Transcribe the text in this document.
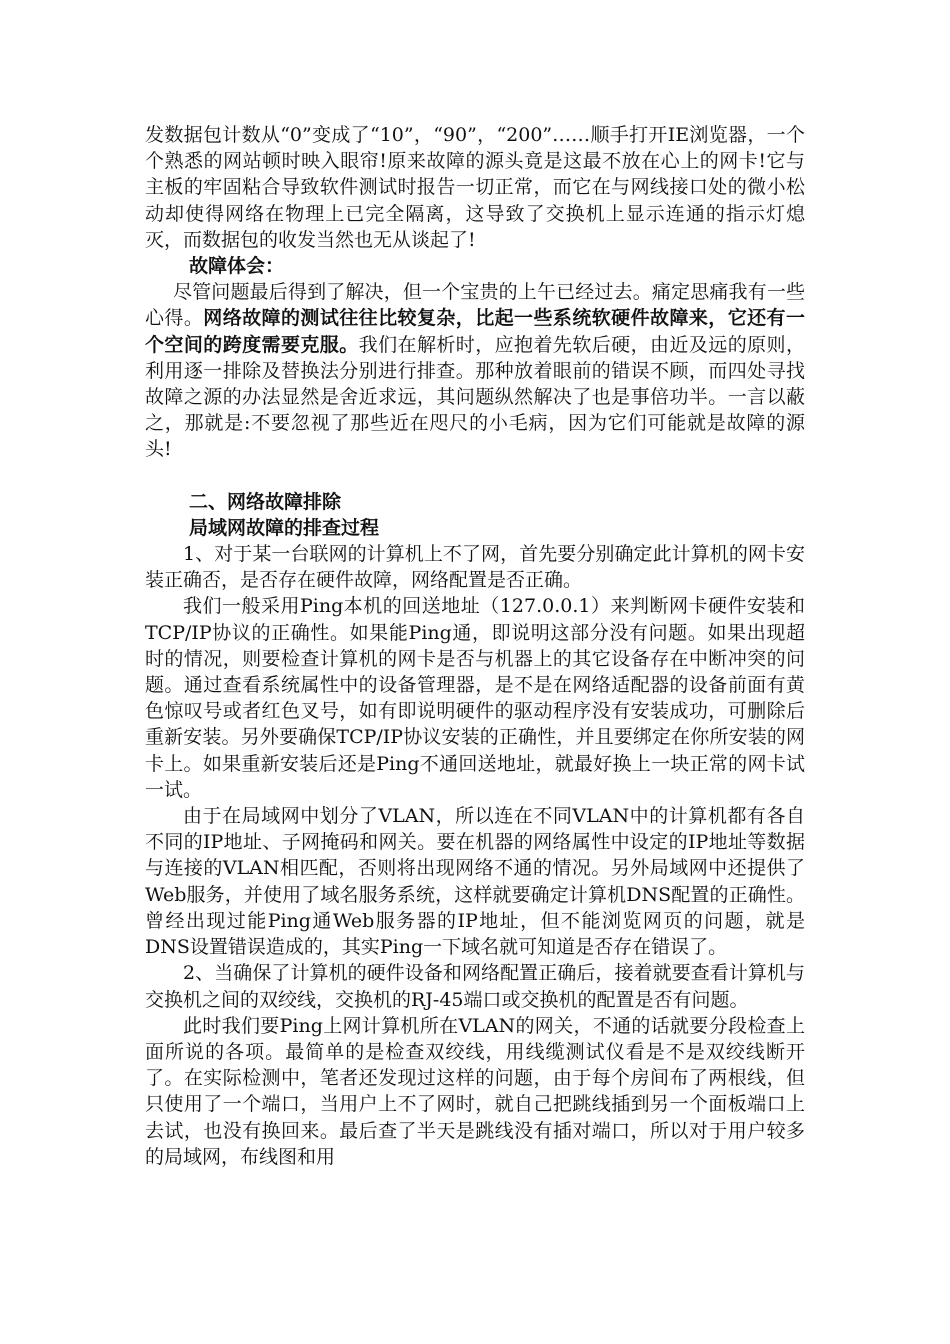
发数据包计数从“0”变成了“10”，“90”，“200”……顺手打开IE浏览器，一个个熟悉的网站顿时映入眼帘!原来故障的源头竟是这最不放在心上的网卡!它与主板的牢固粘合导致软件测试时报告一切正常，而它在与网线接口处的微小松动却使得网络在物理上已完全隔离，这导致了交换机上显示连通的指示灯熄灭，而数据包的收发当然也无从谈起了!

故障体会：

尽管问题最后得到了解决，但一个宝贵的上午已经过去。痛定思痛我有一些心得。网络故障的测试往往比较复杂，比起一些系统软硬件故障来，它还有一个空间的跨度需要克服。我们在解析时，应抱着先软后硬，由近及远的原则，利用逐一排除及替换法分别进行排查。那种放着眼前的错误不顾，而四处寻找故障之源的办法显然是舍近求远，其问题纵然解决了也是事倍功半。一言以蔽之，那就是:不要忽视了那些近在咫尺的小毛病，因为它们可能就是故障的源头!

二、网络故障排除

局域网故障的排查过程

1、对于某一台联网的计算机上不了网，首先要分别确定此计算机的网卡安装正确否，是否存在硬件故障，网络配置是否正确。

我们一般采用Ping本机的回送地址（127.0.0.1）来判断网卡硬件安装和TCP/IP协议的正确性。如果能Ping通，即说明这部分没有问题。如果出现超时的情况，则要检查计算机的网卡是否与机器上的其它设备存在中断冲突的问题。通过查看系统属性中的设备管理器，是不是在网络适配器的设备前面有黄色惊叹号或者红色叉号，如有即说明硬件的驱动程序没有安装成功，可删除后重新安装。另外要确保TCP/IP协议安装的正确性，并且要绑定在你所安装的网卡上。如果重新安装后还是Ping不通回送地址，就最好换上一块正常的网卡试一试。

由于在局域网中划分了VLAN，所以连在不同VLAN中的计算机都有各自不同的IP地址、子网掩码和网关。要在机器的网络属性中设定的IP地址等数据与连接的VLAN相匹配，否则将出现网络不通的情况。另外局域网中还提供了Web服务，并使用了域名服务系统，这样就要确定计算机DNS配置的正确性。曾经出现过能Ping通Web服务器的IP地址，但不能浏览网页的问题，就是DNS设置错误造成的，其实Ping一下域名就可知道是否存在错误了。

2、当确保了计算机的硬件设备和网络配置正确后，接着就要查看计算机与交换机之间的双绞线，交换机的RJ-45端口或交换机的配置是否有问题。

此时我们要Ping上网计算机所在VLAN的网关，不通的话就要分段检查上面所说的各项。最简单的是检查双绞线，用线缆测试仪看是不是双绞线断开了。在实际检测中，笔者还发现过这样的问题，由于每个房间布了两根线，但只使用了一个端口，当用户上不了网时，就自己把跳线插到另一个面板端口上去试，也没有换回来。最后查了半天是跳线没有插对端口，所以对于用户较多的局域网，布线图和用
